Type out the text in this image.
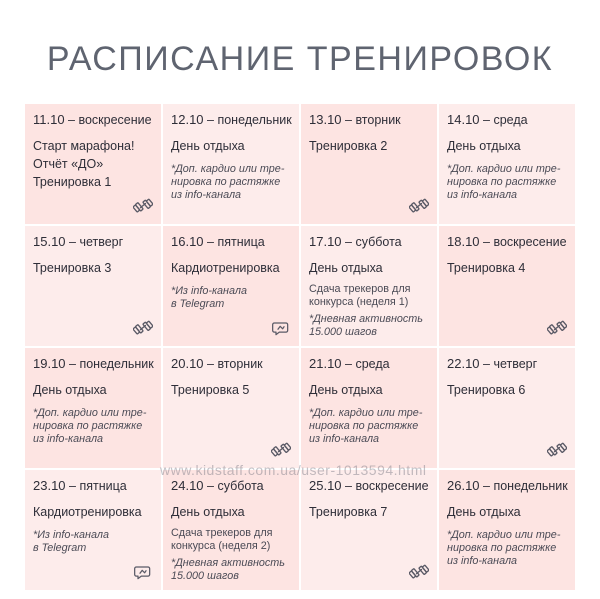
РАСПИСАНИЕ ТРЕНИРОВОК
11.10 – воскресение
Старт марафона!
Отчёт «ДО»
Тренировка 1
12.10 – понедельник
День отдыха
*Доп. кардио или тре-
нировка по растяжке
из info-канала
13.10 – вторник
Тренировка 2
14.10 – среда
День отдыха
*Доп. кардио или тре-
нировка по растяжке
из info-канала
15.10 – четверг
Тренировка 3
16.10 – пятница
Кардиотренировка
*Из info-канала
в Telegram
17.10 – суббота
День отдыха
Сдача трекеров для
конкурса (неделя 1)
*Дневная активность
15.000 шагов
18.10 – воскресение
Тренировка 4
19.10 – понедельник
День отдыха
*Доп. кардио или тре-
нировка по растяжке
из info-канала
20.10 – вторник
Тренировка 5
21.10 – среда
День отдыха
*Доп. кардио или тре-
нировка по растяжке
из info-канала
22.10 – четверг
Тренировка 6
23.10 – пятница
Кардиотренировка
*Из info-канала
в Telegram
24.10 – суббота
День отдыха
Сдача трекеров для
конкурса (неделя 2)
*Дневная активность
15.000 шагов
25.10 – воскресение
Тренировка 7
26.10 – понедельник
День отдыха
*Доп. кардио или тре-
нировка по растяжке
из info-канала
www.kidstaff.com.ua/user-1013594.html
